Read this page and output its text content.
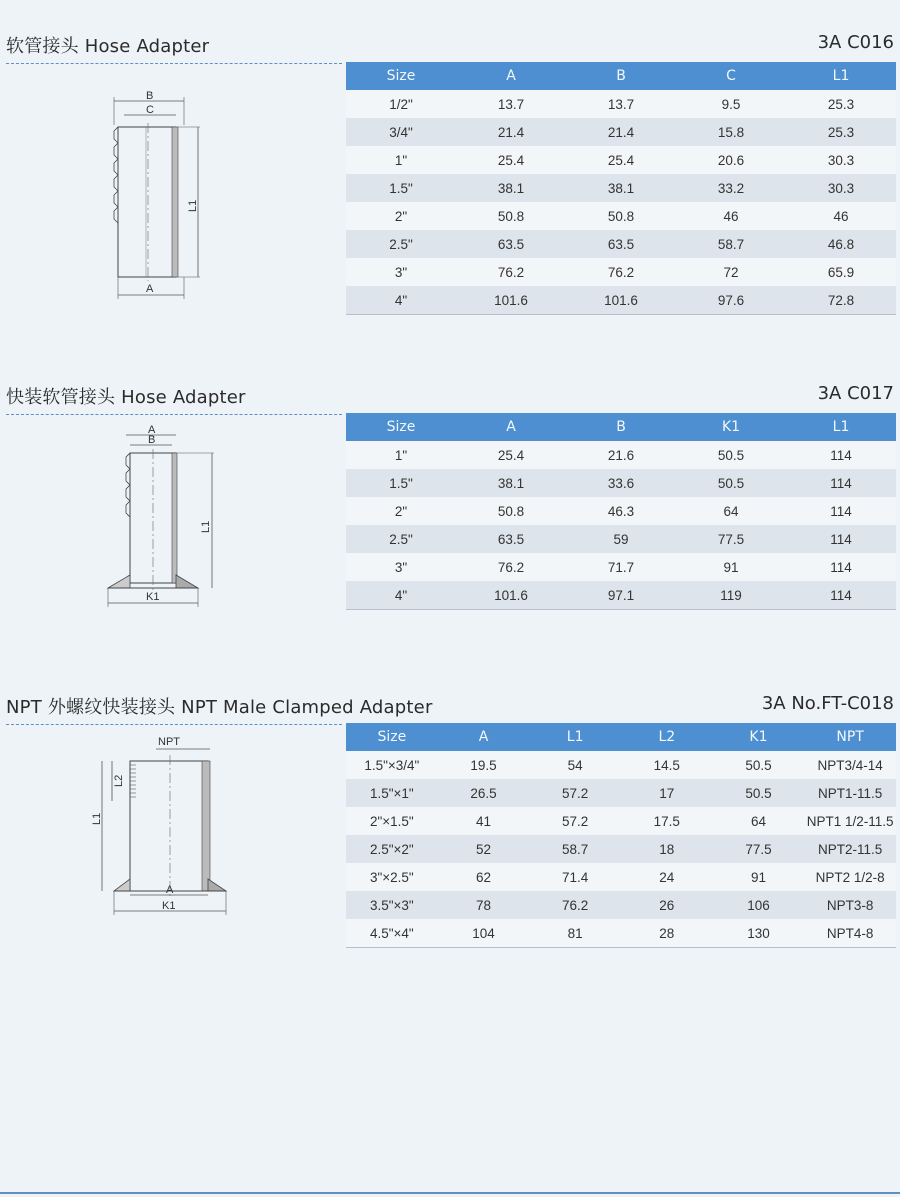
软管接头 Hose Adapter	3A C016
B
C
L1
A
Size	A	B	C	L1
1/2"	13.7	13.7	9.5	25.3
3/4"	21.4	21.4	15.8	25.3
1"	25.4	25.4	20.6	30.3
1.5"	38.1	38.1	33.2	30.3
2"	50.8	50.8	46	46
2.5"	63.5	63.5	58.7	46.8
3"	76.2	76.2	72	65.9
4"	101.6	101.6	97.6	72.8
快装软管接头 Hose Adapter	3A C017
A
B
L1
K1
Size	A	B	K1	L1
1"	25.4	21.6	50.5	114
1.5"	38.1	33.6	50.5	114
2"	50.8	46.3	64	114
2.5"	63.5	59	77.5	114
3"	76.2	71.7	91	114
4"	101.6	97.1	119	114
NPT 外螺纹快装接头 NPT Male Clamped Adapter	3A No.FT-C018
NPT
L2
L1
A
K1
Size	A	L1	L2	K1	NPT
1.5"×3/4"	19.5	54	14.5	50.5	NPT3/4-14
1.5"×1"	26.5	57.2	17	50.5	NPT1-11.5
2"×1.5"	41	57.2	17.5	64	NPT1 1/2-11.5
2.5"×2"	52	58.7	18	77.5	NPT2-11.5
3"×2.5"	62	71.4	24	91	NPT2 1/2-8
3.5"×3"	78	76.2	26	106	NPT3-8
4.5"×4"	104	81	28	130	NPT4-8
